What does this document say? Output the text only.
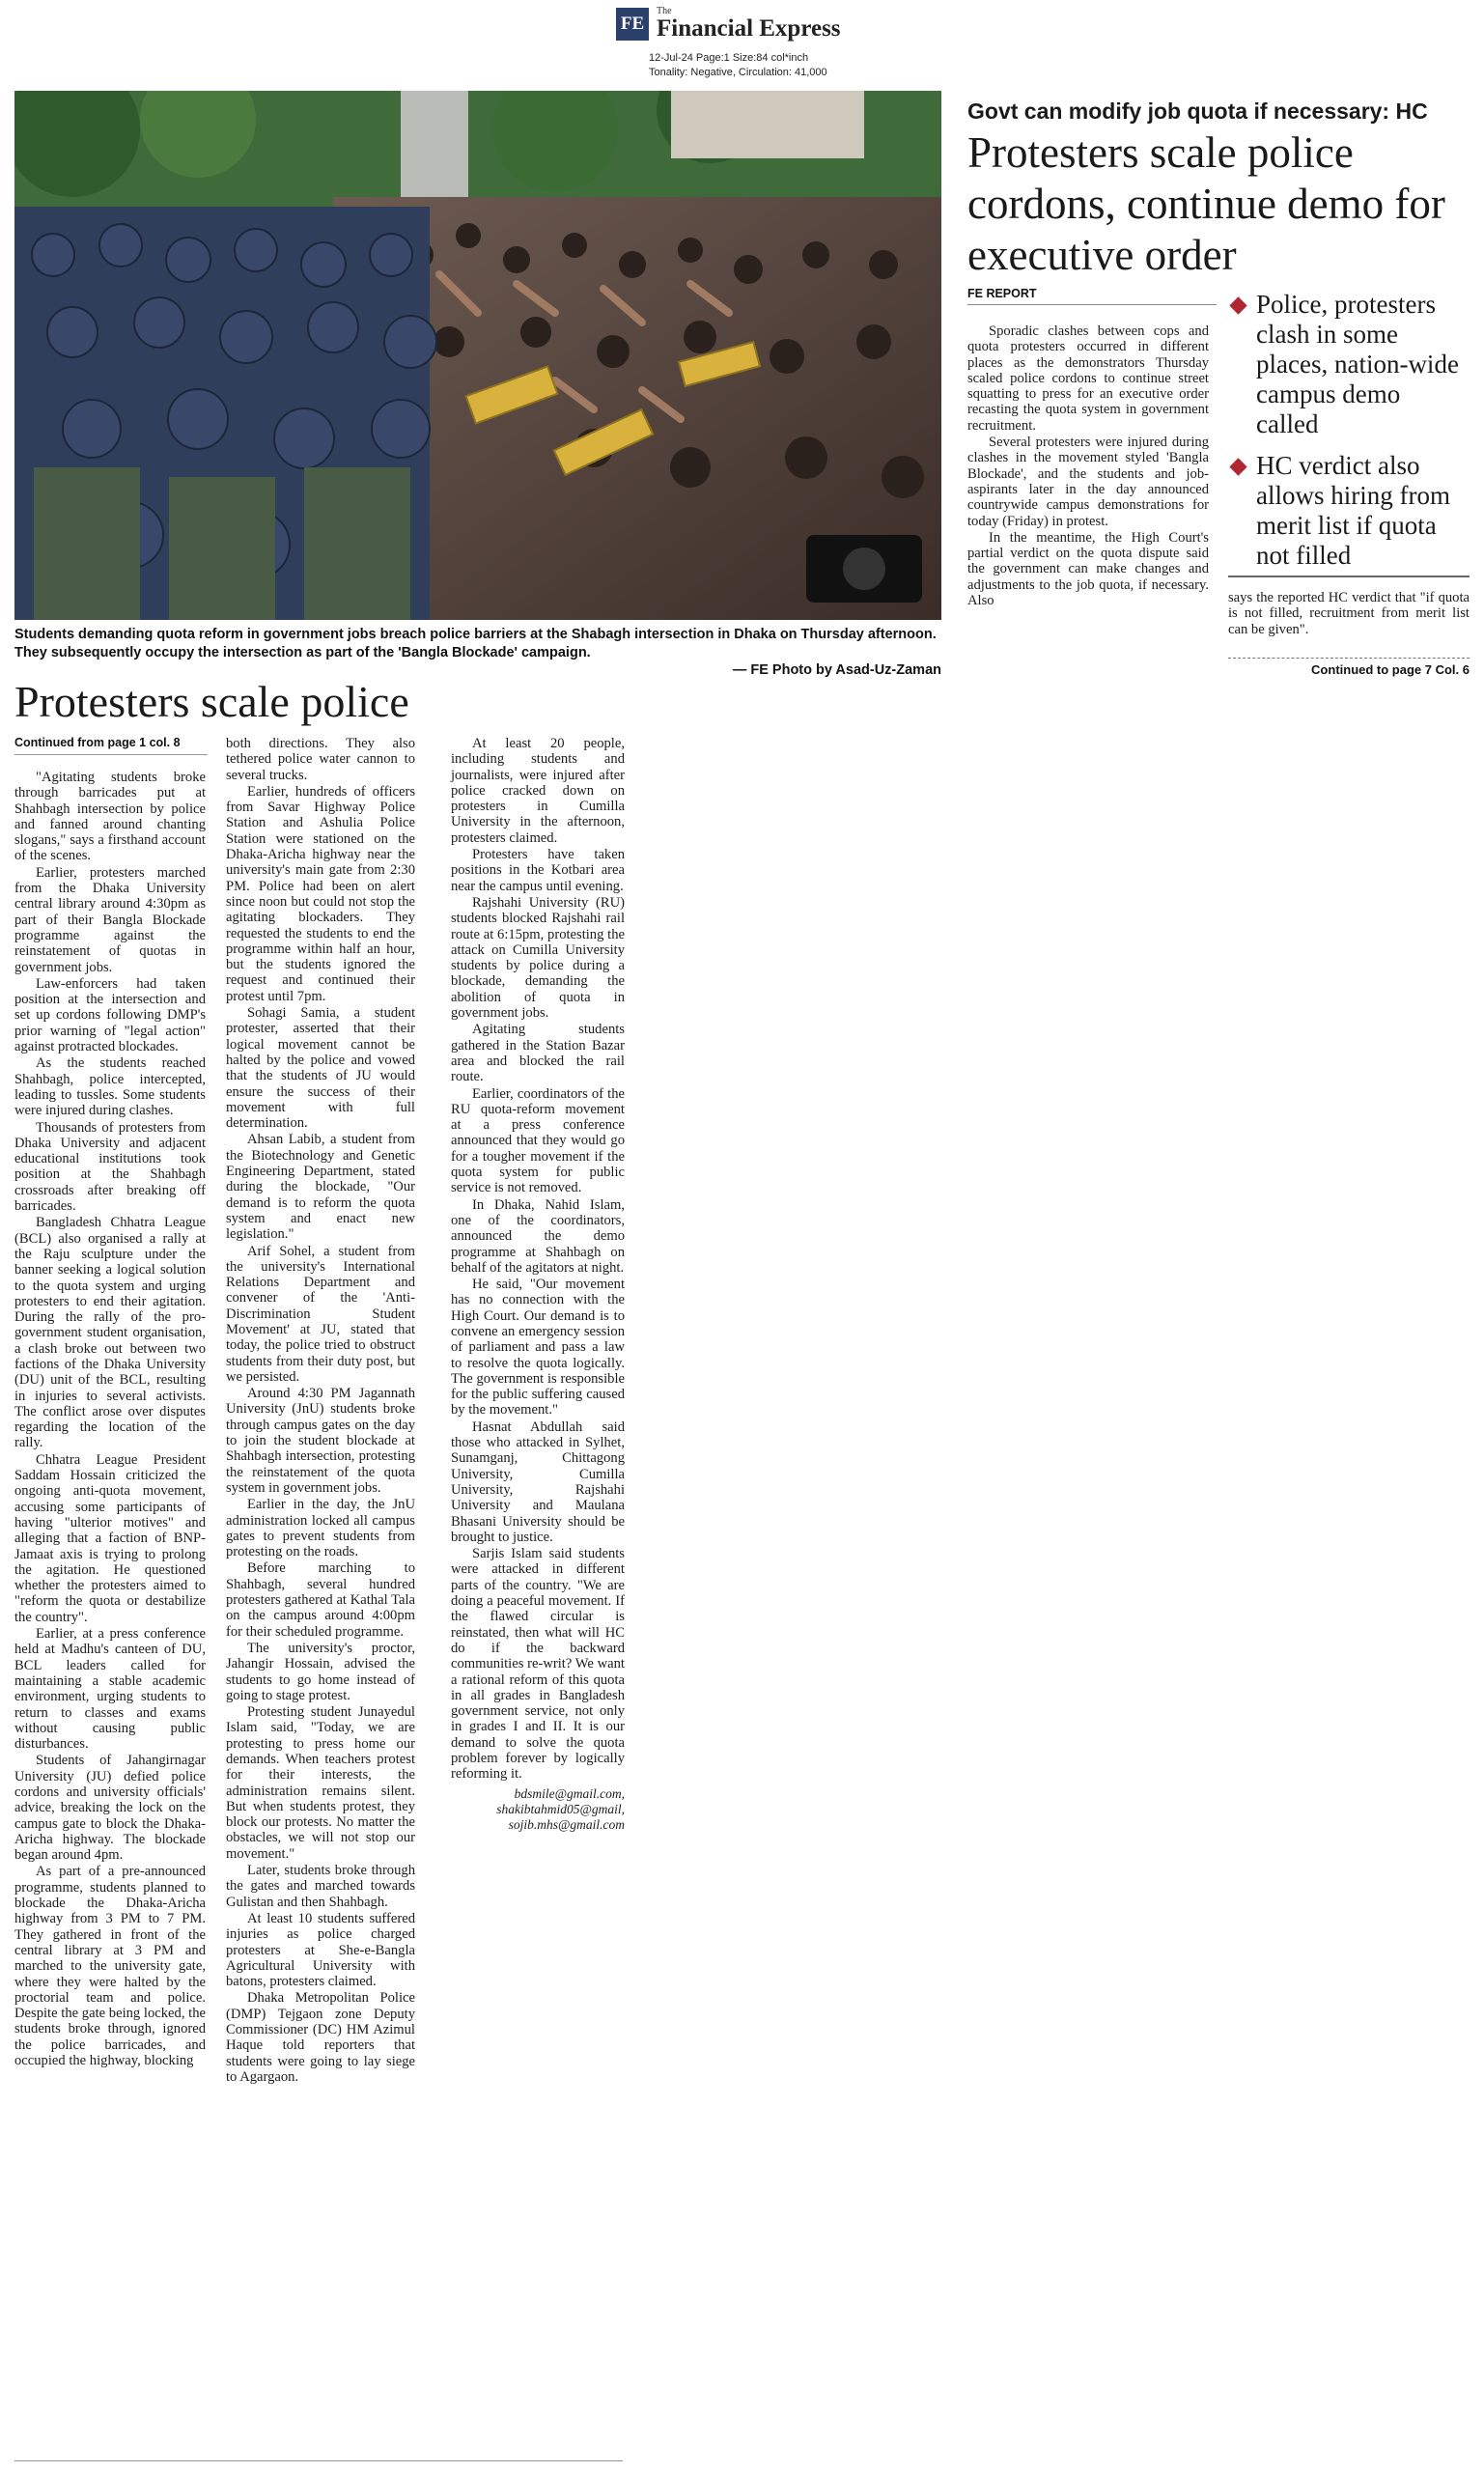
FE
The
Financial Express
12-Jul-24 Page:1 Size:84 col*inch
Tonality: Negative, Circulation: 41,000
Students demanding quota reform in government jobs breach police barriers at the Shabagh intersection in Dhaka on Thursday afternoon. They subsequently occupy the intersection as part of the 'Bangla Blockade' campaign.
— FE Photo by Asad-Uz-Zaman
Govt can modify job quota if necessary: HC
Protesters scale police cordons, continue demo for executive order
FE REPORT

Sporadic clashes between cops and quota protesters occurred in different places as the demonstrators Thursday scaled police cordons to continue street squatting to press for an executive order recasting the quota system in government recruitment.

Several protesters were injured during clashes in the movement styled 'Bangla Blockade', and the students and job-aspirants later in the day announced countrywide campus demonstrations for today (Friday) in protest.

In the meantime, the High Court's partial verdict on the quota dispute said the government can make changes and adjustments to the job quota, if necessary. Also

Police, protesters clash in some places, nation-wide campus demo called
HC verdict also allows hiring from merit list if quota not filled

says the reported HC verdict that "if quota is not filled, recruitment from merit list can be given".

Continued to page 7 Col. 6
Protesters scale police
Continued from page 1 col. 8

"Agitating students broke through barricades put at Shahbagh intersection by police and fanned around chanting slogans," says a firsthand account of the scenes.

Earlier, protesters marched from the Dhaka University central library around 4:30pm as part of their Bangla Blockade programme against the reinstatement of quotas in government jobs.

Law-enforcers had taken position at the intersection and set up cordons following DMP's prior warning of "legal action" against protracted blockades.

As the students reached Shahbagh, police intercepted, leading to tussles. Some students were injured during clashes.

Thousands of protesters from Dhaka University and adjacent educational institutions took position at the Shahbagh crossroads after breaking off barricades.

Bangladesh Chhatra League (BCL) also organised a rally at the Raju sculpture under the banner seeking a logical solution to the quota system and urging protesters to end their agitation. During the rally of the pro-government student organisation, a clash broke out between two factions of the Dhaka University (DU) unit of the BCL, resulting in injuries to several activists. The conflict arose over disputes regarding the location of the rally.

Chhatra League President Saddam Hossain criticized the ongoing anti-quota movement, accusing some participants of having "ulterior motives" and alleging that a faction of BNP-Jamaat axis is trying to prolong the agitation. He questioned whether the protesters aimed to "reform the quota or destabilize the country".

Earlier, at a press conference held at Madhu's canteen of DU, BCL leaders called for maintaining a stable academic environment, urging students to return to classes and exams without causing public disturbances.

Students of Jahangirnagar University (JU) defied police cordons and university officials' advice, breaking the lock on the campus gate to block the Dhaka-Aricha highway. The blockade began around 4pm.

As part of a pre-announced programme, students planned to blockade the Dhaka-Aricha highway from 3 PM to 7 PM. They gathered in front of the central library at 3 PM and marched to the university gate, where they were halted by the proctorial team and police. Despite the gate being locked, the students broke through, ignored the police barricades, and occupied the highway, blocking

both directions. They also tethered police water cannon to several trucks.

Earlier, hundreds of officers from Savar Highway Police Station and Ashulia Police Station were stationed on the Dhaka-Aricha highway near the university's main gate from 2:30 PM. Police had been on alert since noon but could not stop the agitating blockaders. They requested the students to end the programme within half an hour, but the students ignored the request and continued their protest until 7pm.

Sohagi Samia, a student protester, asserted that their logical movement cannot be halted by the police and vowed that the students of JU would ensure the success of their movement with full determination.

Ahsan Labib, a student from the Biotechnology and Genetic Engineering Department, stated during the blockade, "Our demand is to reform the quota system and enact new legislation."

Arif Sohel, a student from the university's International Relations Department and convener of the 'Anti-Discrimination Student Movement' at JU, stated that today, the police tried to obstruct students from their duty post, but we persisted.

Around 4:30 PM Jagannath University (JnU) students broke through campus gates on the day to join the student blockade at Shahbagh intersection, protesting the reinstatement of the quota system in government jobs.

Earlier in the day, the JnU administration locked all campus gates to prevent students from protesting on the roads.

Before marching to Shahbagh, several hundred protesters gathered at Kathal Tala on the campus around 4:00pm for their scheduled programme.

The university's proctor, Jahangir Hossain, advised the students to go home instead of going to stage protest.

Protesting student Junayedul Islam said, "Today, we are protesting to press home our demands. When teachers protest for their interests, the administration remains silent. But when students protest, they block our protests. No matter the obstacles, we will not stop our movement."

Later, students broke through the gates and marched towards Gulistan and then Shahbagh.

At least 10 students suffered injuries as police charged protesters at She-e-Bangla Agricultural University with batons, protesters claimed.

Dhaka Metropolitan Police (DMP) Tejgaon zone Deputy Commissioner (DC) HM Azimul Haque told reporters that students were going to lay siege to Agargaon.

At least 20 people, including students and journalists, were injured after police cracked down on protesters in Cumilla University in the afternoon, protesters claimed.

Protesters have taken positions in the Kotbari area near the campus until evening.

Rajshahi University (RU) students blocked Rajshahi rail route at 6:15pm, protesting the attack on Cumilla University students by police during a blockade, demanding the abolition of quota in government jobs.

Agitating students gathered in the Station Bazar area and blocked the rail route.

Earlier, coordinators of the RU quota-reform movement at a press conference announced that they would go for a tougher movement if the quota system for public service is not removed.

In Dhaka, Nahid Islam, one of the coordinators, announced the demo programme at Shahbagh on behalf of the agitators at night.

He said, "Our movement has no connection with the High Court. Our demand is to convene an emergency session of parliament and pass a law to resolve the quota logically. The government is responsible for the public suffering caused by the movement."

Hasnat Abdullah said those who attacked in Sylhet, Sunamganj, Chittagong University, Cumilla University, Rajshahi University and Maulana Bhasani University should be brought to justice.

Sarjis Islam said students were attacked in different parts of the country. "We are doing a peaceful movement. If the flawed circular is reinstated, then what will HC do if the backward communities re-writ? We want a rational reform of this quota in all grades in Bangladesh government service, not only in grades I and II. It is our demand to solve the quota problem forever by logically reforming it.

bdsmile@gmail.com, shakibtahmid05@gmail, sojib.mhs@gmail.com
